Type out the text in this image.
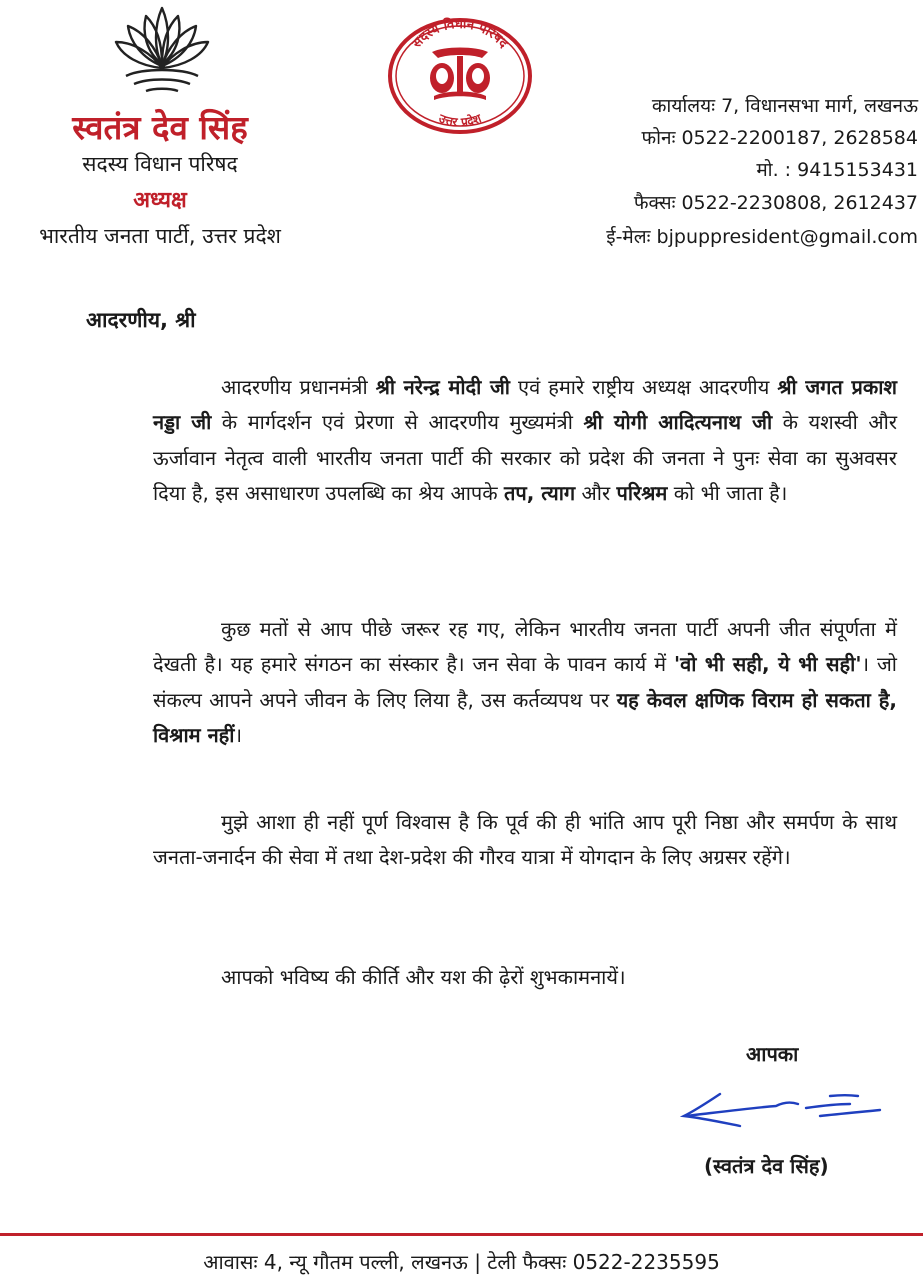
स्वतंत्र देव सिंह
सदस्य विधान परिषद
अध्यक्ष
भारतीय जनता पार्टी, उत्तर प्रदेश
सदस्य विधान परिषद
उत्तर प्रदेश
कार्यालयः 7, विधानसभा मार्ग, लखनऊ
फोनः 0522-2200187, 2628584
मो. : 9415153431
फैक्सः 0522-2230808, 2612437
ई-मेलः bjpuppresident@gmail.com
आदरणीय, श्री
आदरणीय प्रधानमंत्री श्री नरेन्द्र मोदी जी एवं हमारे राष्ट्रीय अध्यक्ष आदरणीय श्री जगत प्रकाश नड्डा जी के मार्गदर्शन एवं प्रेरणा से आदरणीय मुख्यमंत्री श्री योगी आदित्यनाथ जी के यशस्वी और ऊर्जावान नेतृत्व वाली भारतीय जनता पार्टी की सरकार को प्रदेश की जनता ने पुनः सेवा का सुअवसर दिया है, इस असाधारण उपलब्धि का श्रेय आपके तप, त्याग और परिश्रम को भी जाता है।
कुछ मतों से आप पीछे जरूर रह गए, लेकिन भारतीय जनता पार्टी अपनी जीत संपूर्णता में देखती है। यह हमारे संगठन का संस्कार है। जन सेवा के पावन कार्य में 'वो भी सही, ये भी सही'। जो संकल्प आपने अपने जीवन के लिए लिया है, उस कर्तव्यपथ पर यह केवल क्षणिक विराम हो सकता है, विश्राम नहीं।
मुझे आशा ही नहीं पूर्ण विश्वास है कि पूर्व की ही भांति आप पूरी निष्ठा और समर्पण के साथ जनता-जनार्दन की सेवा में तथा देश-प्रदेश की गौरव यात्रा में योगदान के लिए अग्रसर रहेंगे।
आपको भविष्य की कीर्ति और यश की ढ़ेरों शुभकामनायें।
आपका
(स्वतंत्र देव सिंह)
आवासः 4, न्यू गौतम पल्ली, लखनऊ | टेली फैक्सः 0522-2235595
